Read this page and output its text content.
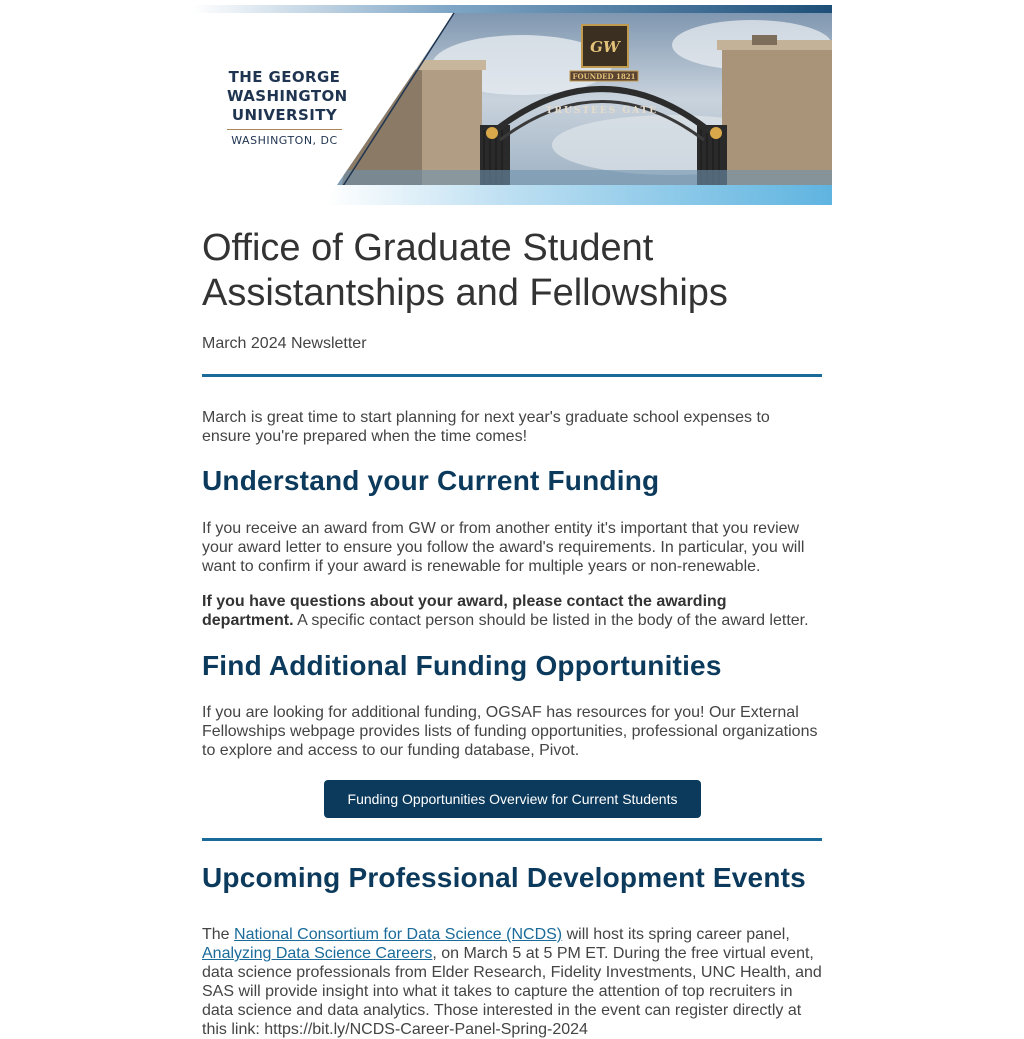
GW
FOUNDED 1821
TRUSTEES GATE
THE GEORGE
WASHINGTON
UNIVERSITY
WASHINGTON, DC
Office of Graduate Student Assistantships and Fellowships

March 2024 Newsletter

March is great time to start planning for next year's graduate school expenses to ensure you're prepared when the time comes!

Understand your Current Funding

If you receive an award from GW or from another entity it's important that you review your award letter to ensure you follow the award's requirements. In particular, you will want to confirm if your award is renewable for multiple years or non-renewable.

If you have questions about your award, please contact the awarding department. A specific contact person should be listed in the body of the award letter.

Find Additional Funding Opportunities

If you are looking for additional funding, OGSAF has resources for you! Our External Fellowships webpage provides lists of funding opportunities, professional organizations to explore and access to our funding database, Pivot.

Funding Opportunities Overview for Current Students
Upcoming Professional Development Events

The National Consortium for Data Science (NCDS) will host its spring career panel, Analyzing Data Science Careers, on March 5 at 5 PM ET. During the free virtual event, data science professionals from Elder Research, Fidelity Investments, UNC Health, and SAS will provide insight into what it takes to capture the attention of top recruiters in data science and data analytics. Those interested in the event can register directly at this link: https://bit.ly/NCDS-Career-Panel-Spring-2024
